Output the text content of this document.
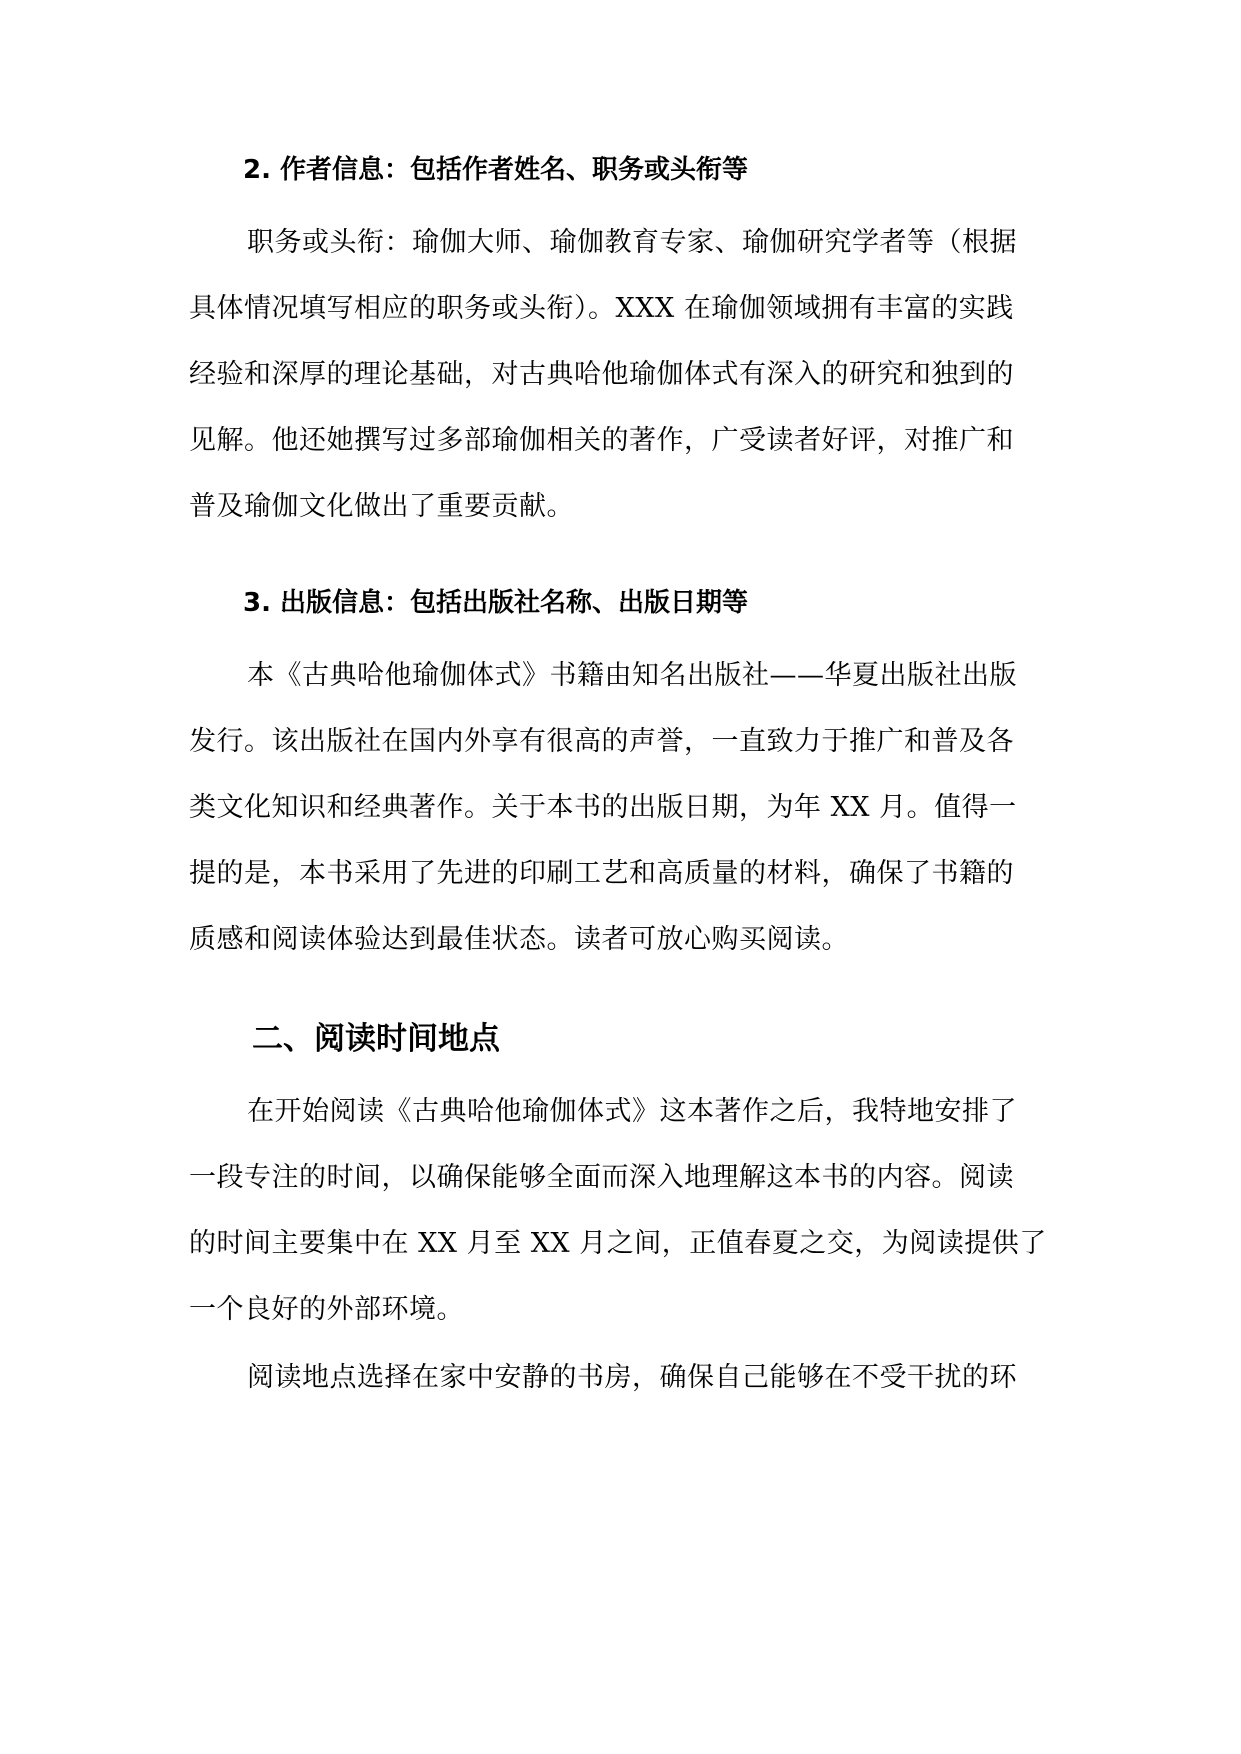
2. 作者信息：包括作者姓名、职务或头衔等

职务或头衔：瑜伽大师、瑜伽教育专家、瑜伽研究学者等（根据

具体情况填写相应的职务或头衔）。XXX 在瑜伽领域拥有丰富的实践

经验和深厚的理论基础，对古典哈他瑜伽体式有深入的研究和独到的

见解。他还她撰写过多部瑜伽相关的著作，广受读者好评，对推广和

普及瑜伽文化做出了重要贡献。

3. 出版信息：包括出版社名称、出版日期等

本《古典哈他瑜伽体式》书籍由知名出版社——华夏出版社出版

发行。该出版社在国内外享有很高的声誉，一直致力于推广和普及各

类文化知识和经典著作。关于本书的出版日期，为年 XX 月。值得一

提的是，本书采用了先进的印刷工艺和高质量的材料，确保了书籍的

质感和阅读体验达到最佳状态。读者可放心购买阅读。

二、阅读时间地点

在开始阅读《古典哈他瑜伽体式》这本著作之后，我特地安排了

一段专注的时间，以确保能够全面而深入地理解这本书的内容。阅读

的时间主要集中在 XX 月至 XX 月之间，正值春夏之交，为阅读提供了

一个良好的外部环境。

阅读地点选择在家中安静的书房，确保自己能够在不受干扰的环
